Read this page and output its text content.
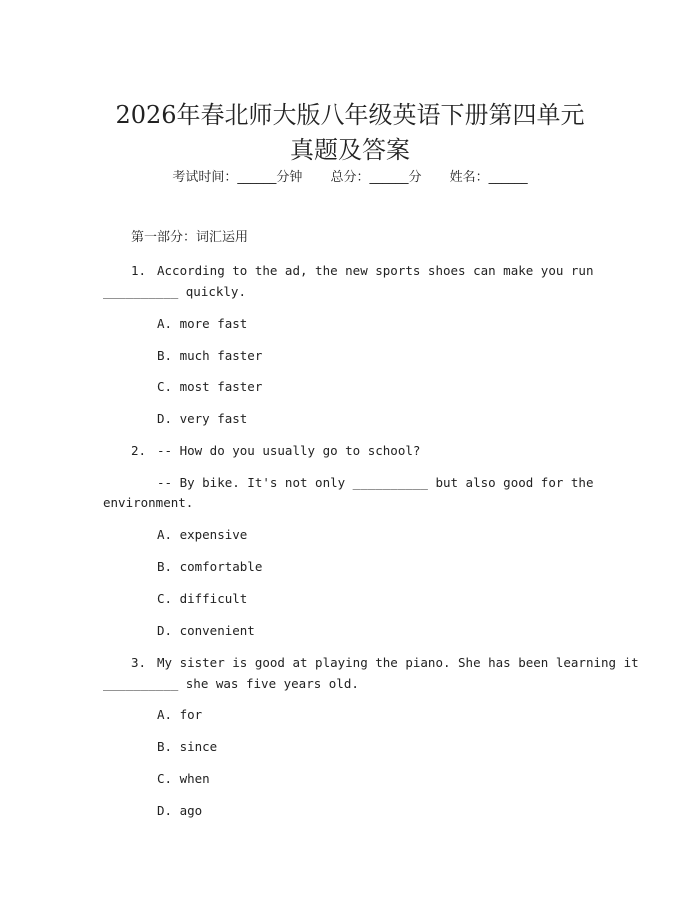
2026年春北师大版八年级英语下册第四单元
真题及答案
考试时间：______分钟 总分：______分 姓名：______
第一部分：词汇运用
1. According to the ad, the new sports shoes can make you run
__________ quickly.
A. more fast
B. much faster
C. most faster
D. very fast
2. -- How do you usually go to school?
-- By bike. It's not only __________ but also good for the
environment.
A. expensive
B. comfortable
C. difficult
D. convenient
3. My sister is good at playing the piano. She has been learning it
__________ she was five years old.
A. for
B. since
C. when
D. ago
